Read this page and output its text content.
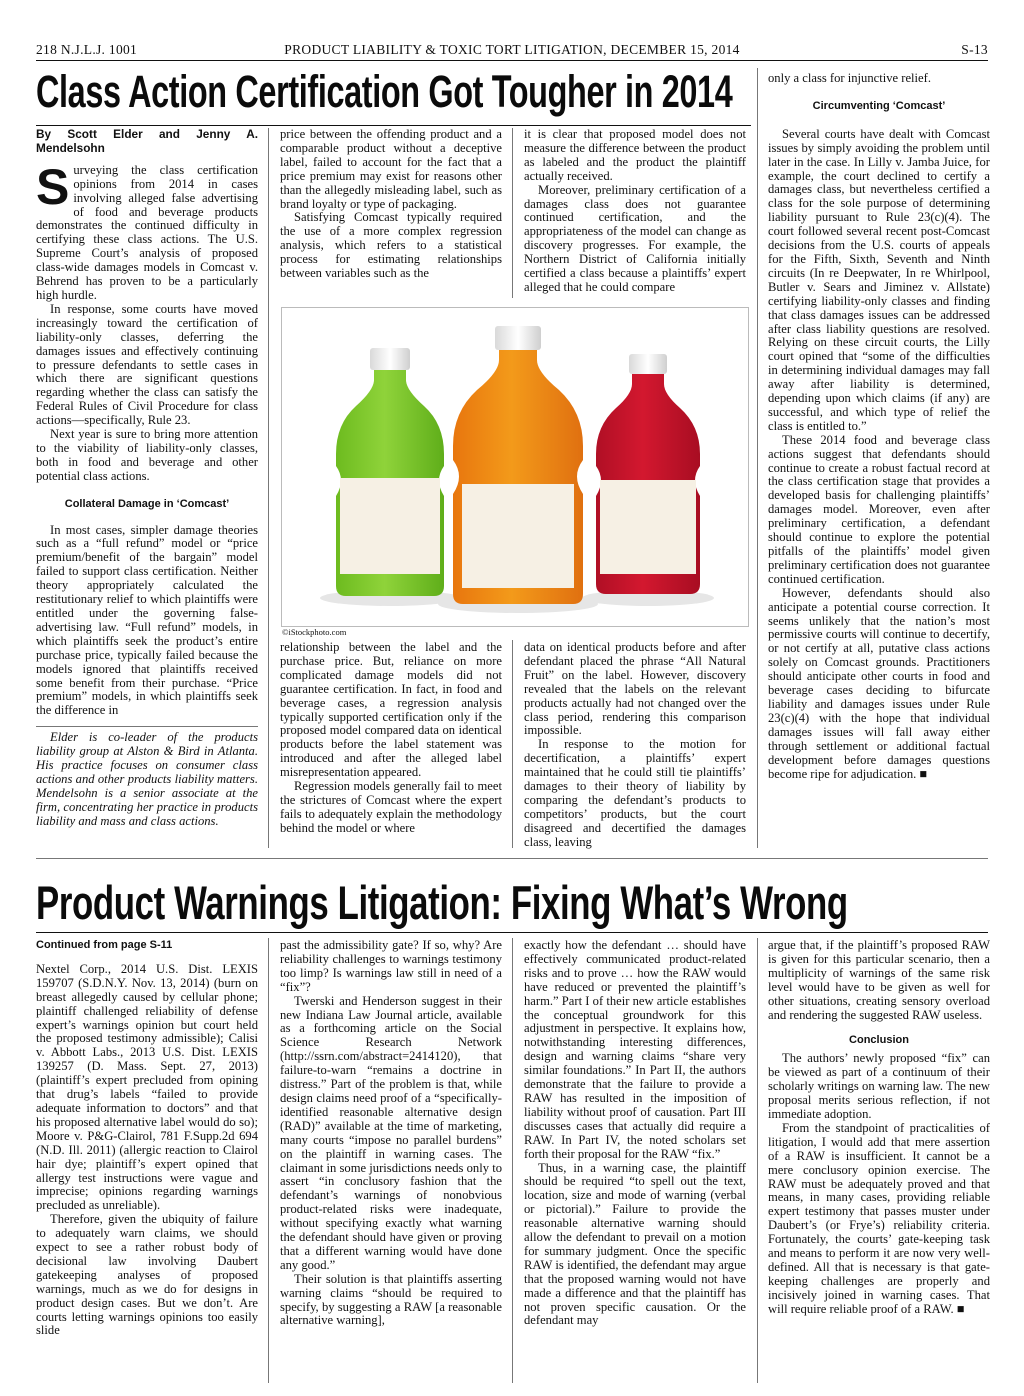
218 N.J.L.J. 1001	PRODUCT LIABILITY & TOXIC TORT LITIGATION, DECEMBER 15, 2014	S-13
Class Action Certification Got Tougher in 2014
By Scott Elder and Jenny A. Mendelsohn
S urveying the class certification opinions from 2014 in cases involving alleged false advertising of food and beverage products demonstrates the continued difficulty in certifying these class actions. The U.S. Supreme Court’s analysis of proposed class-wide damages models in Comcast v. Behrend has proven to be a particularly high hurdle.

In response, some courts have moved increasingly toward the certification of liability-only classes, deferring the damages issues and effectively continuing to pressure defendants to settle cases in which there are significant questions regarding whether the class can satisfy the Federal Rules of Civil Procedure for class actions—specifically, Rule 23.

Next year is sure to bring more attention to the viability of liability-only classes, both in food and beverage and other potential class actions.

Collateral Damage in ‘Comcast’

In most cases, simpler damage theories such as a “full refund” model or “price premium/benefit of the bargain” model failed to support class certification. Neither theory appropriately calculated the restitutionary relief to which plaintiffs were entitled under the governing false-advertising law. “Full refund” models, in which plaintiffs seek the product’s entire purchase price, typically failed because the models ignored that plaintiffs received some benefit from their purchase. “Price premium” models, in which plaintiffs seek the difference in

Elder is co-leader of the products liability group at Alston & Bird in Atlanta. His practice focuses on consumer class actions and other products liability matters. Mendelsohn is a senior associate at the firm, concentrating her practice in products liability and mass and class actions.

price between the offending product and a comparable product without a deceptive label, failed to account for the fact that a price premium may exist for reasons other than the allegedly misleading label, such as brand loyalty or type of packaging.

Satisfying Comcast typically required the use of a more complex regression analysis, which refers to a statistical process for estimating relationships between variables such as the

it is clear that proposed model does not measure the difference between the product as labeled and the product the plaintiff actually received.

Moreover, preliminary certification of a damages class does not guarantee continued certification, and the appropriateness of the model can change as discovery progresses. For example, the Northern District of California initially certified a class because a plaintiffs’ expert alleged that he could compare

©iStockphoto.com

relationship between the label and the purchase price. But, reliance on more complicated damage models did not guarantee certification. In fact, in food and beverage cases, a regression analysis typically supported certification only if the proposed model compared data on identical products before the label statement was introduced and after the alleged label misrepresentation appeared.

Regression models generally fail to meet the strictures of Comcast where the expert fails to adequately explain the methodology behind the model or where

data on identical products before and after defendant placed the phrase “All Natural Fruit” on the label. However, discovery revealed that the labels on the relevant products actually had not changed over the class period, rendering this comparison impossible.

In response to the motion for decertification, a plaintiffs’ expert maintained that he could still tie plaintiffs’ damages to their theory of liability by comparing the defendant’s products to competitors’ products, but the court disagreed and decertified the damages class, leaving

only a class for injunctive relief.

Circumventing ‘Comcast’

Several courts have dealt with Comcast issues by simply avoiding the problem until later in the case. In Lilly v. Jamba Juice, for example, the court declined to certify a damages class, but nevertheless certified a class for the sole purpose of determining liability pursuant to Rule 23(c)(4). The court followed several recent post-Comcast decisions from the U.S. courts of appeals for the Fifth, Sixth, Seventh and Ninth circuits (In re Deepwater, In re Whirlpool, Butler v. Sears and Jiminez v. Allstate) certifying liability-only classes and finding that class damages issues can be addressed after class liability questions are resolved. Relying on these circuit courts, the Lilly court opined that “some of the difficulties in determining individual damages may fall away after liability is determined, depending upon which claims (if any) are successful, and which type of relief the class is entitled to.”

These 2014 food and beverage class actions suggest that defendants should continue to create a robust factual record at the class certification stage that provides a developed basis for challenging plaintiffs’ damages model. Moreover, even after preliminary certification, a defendant should continue to explore the potential pitfalls of the plaintiffs’ model given preliminary certification does not guarantee continued certification.

However, defendants should also anticipate a potential course correction. It seems unlikely that the nation’s most permissive courts will continue to decertify, or not certify at all, putative class actions solely on Comcast grounds. Practitioners should anticipate other courts in food and beverage cases deciding to bifurcate liability and damages issues under Rule 23(c)(4) with the hope that individual damages issues will fall away either through settlement or additional factual development before damages questions become ripe for adjudication. ■

Product Warnings Litigation: Fixing What’s Wrong
Continued from page S-11

Nextel Corp., 2014 U.S. Dist. LEXIS 159707 (S.D.N.Y. Nov. 13, 2014) (burn on breast allegedly caused by cellular phone; plaintiff challenged reliability of defense expert’s warnings opinion but court held the proposed testimony admissible); Calisi v. Abbott Labs., 2013 U.S. Dist. LEXIS 139257 (D. Mass. Sept. 27, 2013) (plaintiff’s expert precluded from opining that drug’s labels “failed to provide adequate information to doctors” and that his proposed alternative label would do so); Moore v. P&G-Clairol, 781 F.Supp.2d 694 (N.D. Ill. 2011) (allergic reaction to Clairol hair dye; plaintiff’s expert opined that allergy test instructions were vague and imprecise; opinions regarding warnings precluded as unreliable).

Therefore, given the ubiquity of failure to adequately warn claims, we should expect to see a rather robust body of decisional law involving Daubert gatekeeping analyses of proposed warnings, much as we do for designs in product design cases. But we don’t. Are courts letting warnings opinions too easily slide

past the admissibility gate? If so, why? Are reliability challenges to warnings testimony too limp? Is warnings law still in need of a “fix”?

Twerski and Henderson suggest in their new Indiana Law Journal article, available as a forthcoming article on the Social Science Research Network (http://ssrn.com/abstract=2414120), that failure-to-warn “remains a doctrine in distress.” Part of the problem is that, while design claims need proof of a “specifically-identified reasonable alternative design (RAD)” available at the time of marketing, many courts “impose no parallel burdens” on the plaintiff in warning cases. The claimant in some jurisdictions needs only to assert “in conclusory fashion that the defendant’s warnings of nonobvious product-related risks were inadequate, without specifying exactly what warning the defendant should have given or proving that a different warning would have done any good.”

Their solution is that plaintiffs asserting warning claims “should be required to specify, by suggesting a RAW [a reasonable alternative warning],

exactly how the defendant … should have effectively communicated product-related risks and to prove … how the RAW would have reduced or prevented the plaintiff’s harm.” Part I of their new article establishes the conceptual groundwork for this adjustment in perspective. It explains how, notwithstanding interesting differences, design and warning claims “share very similar foundations.” In Part II, the authors demonstrate that the failure to provide a RAW has resulted in the imposition of liability without proof of causation. Part III discusses cases that actually did require a RAW. In Part IV, the noted scholars set forth their proposal for the RAW “fix.”

Thus, in a warning case, the plaintiff should be required “to spell out the text, location, size and mode of warning (verbal or pictorial).” Failure to provide the reasonable alternative warning should allow the defendant to prevail on a motion for summary judgment. Once the specific RAW is identified, the defendant may argue that the proposed warning would not have made a difference and that the plaintiff has not proven specific causation. Or the defendant may

argue that, if the plaintiff’s proposed RAW is given for this particular scenario, then a multiplicity of warnings of the same risk level would have to be given as well for other situations, creating sensory overload and rendering the suggested RAW useless.

Conclusion

The authors’ newly proposed “fix” can be viewed as part of a continuum of their scholarly writings on warning law. The new proposal merits serious reflection, if not immediate adoption.

From the standpoint of practicalities of litigation, I would add that mere assertion of a RAW is insufficient. It cannot be a mere conclusory opinion exercise. The RAW must be adequately proved and that means, in many cases, providing reliable expert testimony that passes muster under Daubert’s (or Frye’s) reliability criteria. Fortunately, the courts’ gate-keeping task and means to perform it are now very well-defined. All that is necessary is that gate-keeping challenges are properly and incisively joined in warning cases. That will require reliable proof of a RAW. ■
